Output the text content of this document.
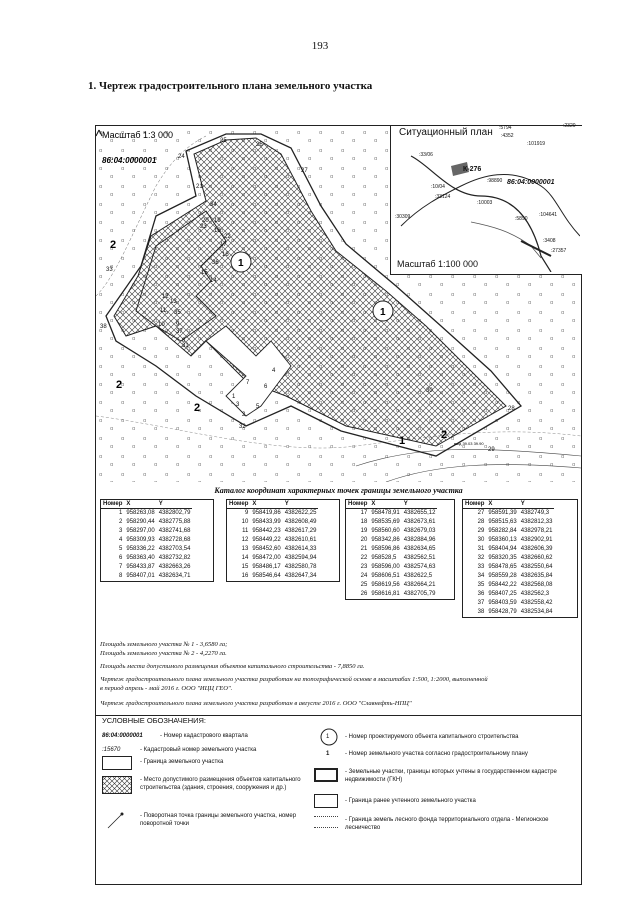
193
1. Чертеж градостроительного плана земельного участка
24
25
26
27
28
29
30
31
32
33
34
35
36
37
38
21
22
18
17
16
15
14
13
12
11
10 9
8
7
6
5
4
3
2
1
20 19
23
1
1
2
2
2
1
2
Масштаб 1:3 000
86:04:0000001
выд 39.03 39.90
Ситуационный план
86:04:0000001
К-276
:5794
:4352
:101919
:33/06
:98890
:10/04
:33124
:10003
:30309	:5890
:104641
:3408
:27357
:2320
Масштаб 1:100 000
Каталог координат характерных точек границы земельного участка
Номер	X	Y
1	958263,08	4382802,79
2	958290,44	4382775,88
3	958297,00	4382741,68
4	958309,93	4382728,68
5	958336,22	4382703,54
6	958363,40	4382732,82
7	958433,87	4382663,26
8	958407,01	4382634,71
Номер	X	Y
9	958419,86	4382622,25
10	958433,99	4382608,49
11	958442,23	4382617,29
12	958449,22	4382610,61
13	958452,60	4382614,33
14	958472,00	4382594,94
15	958486,17	4382580,78
16	958546,64	4382647,34
Номер	X	Y
17	958478,91	4382655,12
18	958535,69	4382673,61
19	958560,60	4382679,03
20	958342,86	4382884,96
21	958596,86	4382634,65
22	958528,5	4382562,51
23	958596,00	4382574,63
24	958606,51	4382622,5
25	958619,56	4382664,21
26	958616,81	4382705,79
Номер	X	Y
27	958591,39	4382749,3
28	958515,63	4382812,33
29	958282,84	4382978,21
30	958360,13	4382902,91
31	958404,94	4382606,39
32	958320,35	4382660,62
33	958478,65	4382550,64
34	958559,28	4382635,84
35	958442,22	4382568,08
36	958407,25	4382562,3
37	958403,59	4382558,42
38	958428,79	4382534,84
Площадь земельного участка № 1 - 3,6580 га;
Площадь земельного участка № 2 - 4,2270 га.
Площадь места допустимого размещения объектов капитального строительства - 7,8850 га.
Чертеж градостроительного плана земельного участка разработан на топографической основе в масштабах 1:500, 1:2000, выполненной
в период апрель - май 2016 г. ООО "ИЦЦ ГЕО".
Чертеж градостроительного плана земельного участка разработан в августе 2016 г. ООО "Славнефть-НПЦ"
УСЛОВНЫЕ ОБОЗНАЧЕНИЯ:
86:04:0000001	- Номер кадастрового квартала
:15670	- Кадастровый номер земельного участка
- Граница земельного участка
- Место допустимого размещения объектов капитального строительства (здания, строения, сооружения и др.)
- Поворотная точка границы земельного участка, номер поворотной точки
1	- Номер проектируемого объекта капитального строительства
1	- Номер земельного участка согласно градостроительному плану
- Земельные участки, границы которых учтены в государственном кадастре недвижимости (ГКН)
- Граница ранее учтенного земельного участка
- Граница земель лесного фонда территориального отдела - Мегионское лесничество
